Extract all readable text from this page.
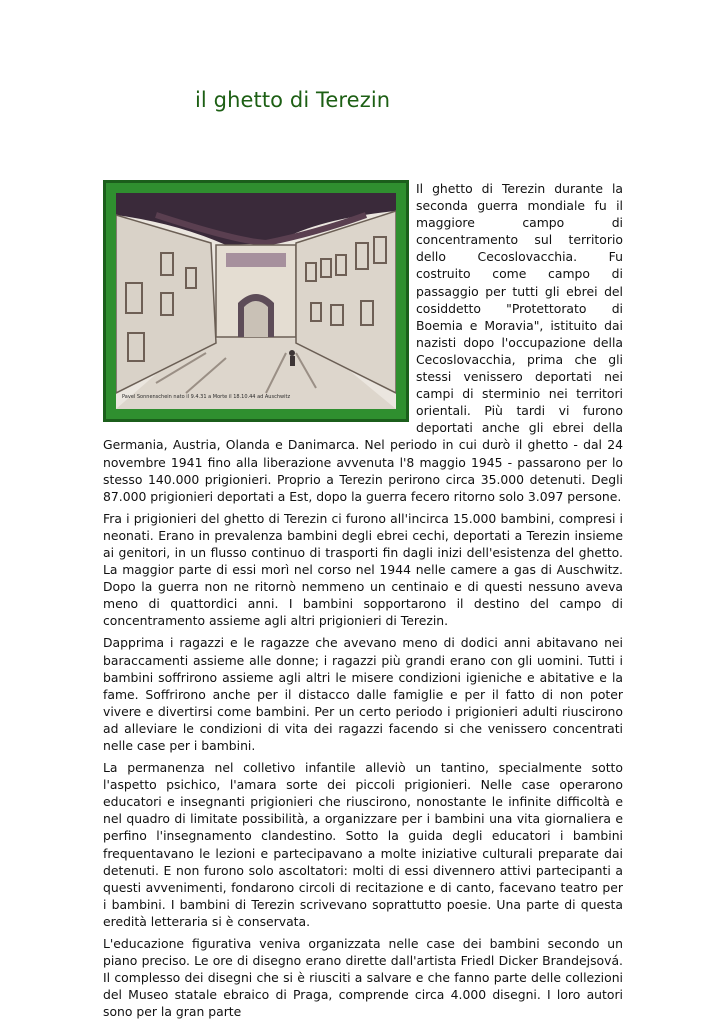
il ghetto di Terezin
Pavel Sonnenschein nato il 9.4.31 a Morte il 18.10.44 ad Auschwitz

Il ghetto di Terezin durante la seconda guerra mondiale fu il maggiore campo di concentramento sul territorio dello Cecoslovacchia. Fu costruito come campo di passaggio per tutti gli ebrei del cosiddetto "Protettorato di Boemia e Moravia", istituito dai nazisti dopo l'occupazione della Cecoslovacchia, prima che gli stessi venissero deportati nei campi di sterminio nei territori orientali. Più tardi vi furono deportati anche gli ebrei della Germania, Austria, Olanda e Danimarca. Nel periodo in cui durò il ghetto - dal 24 novembre 1941 fino alla liberazione avvenuta l'8 maggio 1945 - passarono per lo stesso 140.000 prigionieri. Proprio a Terezin perirono circa 35.000 detenuti. Degli 87.000 prigionieri deportati a Est, dopo la guerra fecero ritorno solo 3.097 persone.

Fra i prigionieri del ghetto di Terezin ci furono all'incirca 15.000 bambini, compresi i neonati. Erano in prevalenza bambini degli ebrei cechi, deportati a Terezin insieme ai genitori, in un flusso continuo di trasporti fin dagli inizi dell'esistenza del ghetto. La maggior parte di essi morì nel corso nel 1944 nelle camere a gas di Auschwitz. Dopo la guerra non ne ritornò nemmeno un centinaio e di questi nessuno aveva meno di quattordici anni. I bambini sopportarono il destino del campo di concentramento assieme agli altri prigionieri di Terezin.

Dapprima i ragazzi e le ragazze che avevano meno di dodici anni abitavano nei baraccamenti assieme alle donne; i ragazzi più grandi erano con gli uomini. Tutti i bambini soffrirono assieme agli altri le misere condizioni igieniche e abitative e la fame. Soffrirono anche per il distacco dalle famiglie e per il fatto di non poter vivere e divertirsi come bambini. Per un certo periodo i prigionieri adulti riuscirono ad alleviare le condizioni di vita dei ragazzi facendo si che venissero concentrati nelle case per i bambini.

La permanenza nel colletivo infantile alleviò un tantino, specialmente sotto l'aspetto psichico, l'amara sorte dei piccoli prigionieri. Nelle case operarono educatori e insegnanti prigionieri che riuscirono, nonostante le infinite difficoltà e nel quadro di limitate possibilità, a organizzare per i bambini una vita giornaliera e perfino l'insegnamento clandestino. Sotto la guida degli educatori i bambini frequentavano le lezioni e partecipavano a molte iniziative culturali preparate dai detenuti. E non furono solo ascoltatori: molti di essi divennero attivi partecipanti a questi avvenimenti, fondarono circoli di recitazione e di canto, facevano teatro per i bambini. I bambini di Terezin scrivevano soprattutto poesie. Una parte di questa eredità letteraria si è conservata.

L'educazione figurativa veniva organizzata nelle case dei bambini secondo un piano preciso. Le ore di disegno erano dirette dall'artista Friedl Dicker Brandejsová. Il complesso dei disegni che si è riusciti a salvare e che fanno parte delle collezioni del Museo statale ebraico di Praga, comprende circa 4.000 disegni. I loro autori sono per la gran parte
